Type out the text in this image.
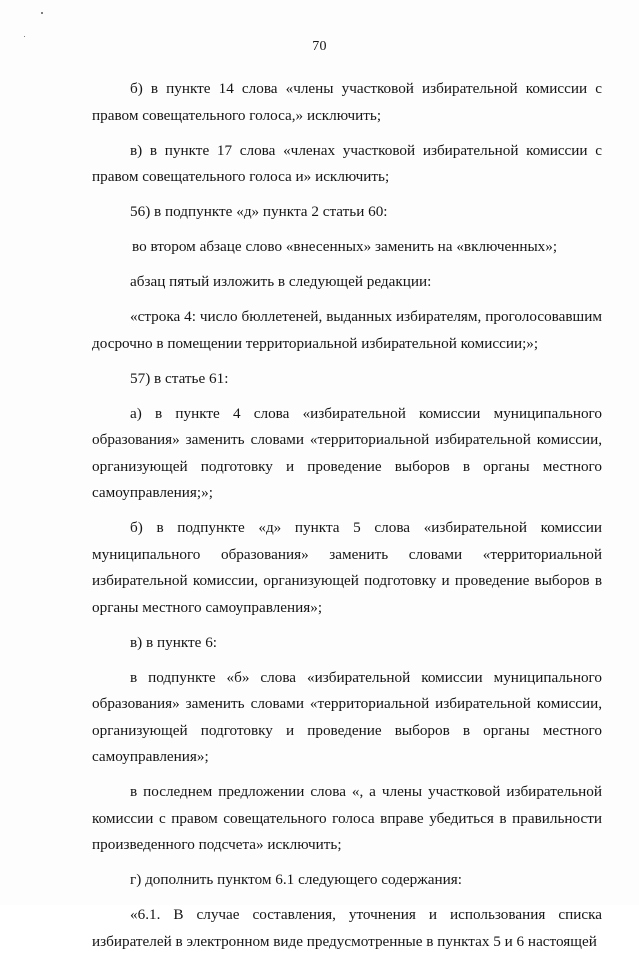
70

б) в пункте 14 слова «члены участковой избирательной комиссии с правом совещательного голоса,» исключить;

в) в пункте 17 слова «членах участковой избирательной комиссии с правом совещательного голоса и» исключить;

56) в подпункте «д» пункта 2 статьи 60:

во втором абзаце слово «внесенных» заменить на «включенных»;

абзац пятый изложить в следующей редакции:

«строка 4: число бюллетеней, выданных избирателям, проголосовавшим досрочно в помещении территориальной избирательной комиссии;»;

57) в статье 61:

а) в пункте 4 слова «избирательной комиссии муниципального образования» заменить словами «территориальной избирательной комиссии, организующей подготовку и проведение выборов в органы местного самоуправления;»;

б) в подпункте «д» пункта 5 слова «избирательной комиссии муниципального образования» заменить словами «территориальной избирательной комиссии, организующей подготовку и проведение выборов в органы местного самоуправления»;

в) в пункте 6:

в подпункте «б» слова «избирательной комиссии муниципального образования» заменить словами «территориальной избирательной комиссии, организующей подготовку и проведение выборов в органы местного самоуправления»;

в последнем предложении слова «, а члены участковой избирательной комиссии с правом совещательного голоса вправе убедиться в правильности произведенного подсчета» исключить;

г) дополнить пунктом 6.1 следующего содержания:

«6.1. В случае составления, уточнения и использования списка избирателей в электронном виде предусмотренные в пунктах 5 и 6 настоящей
